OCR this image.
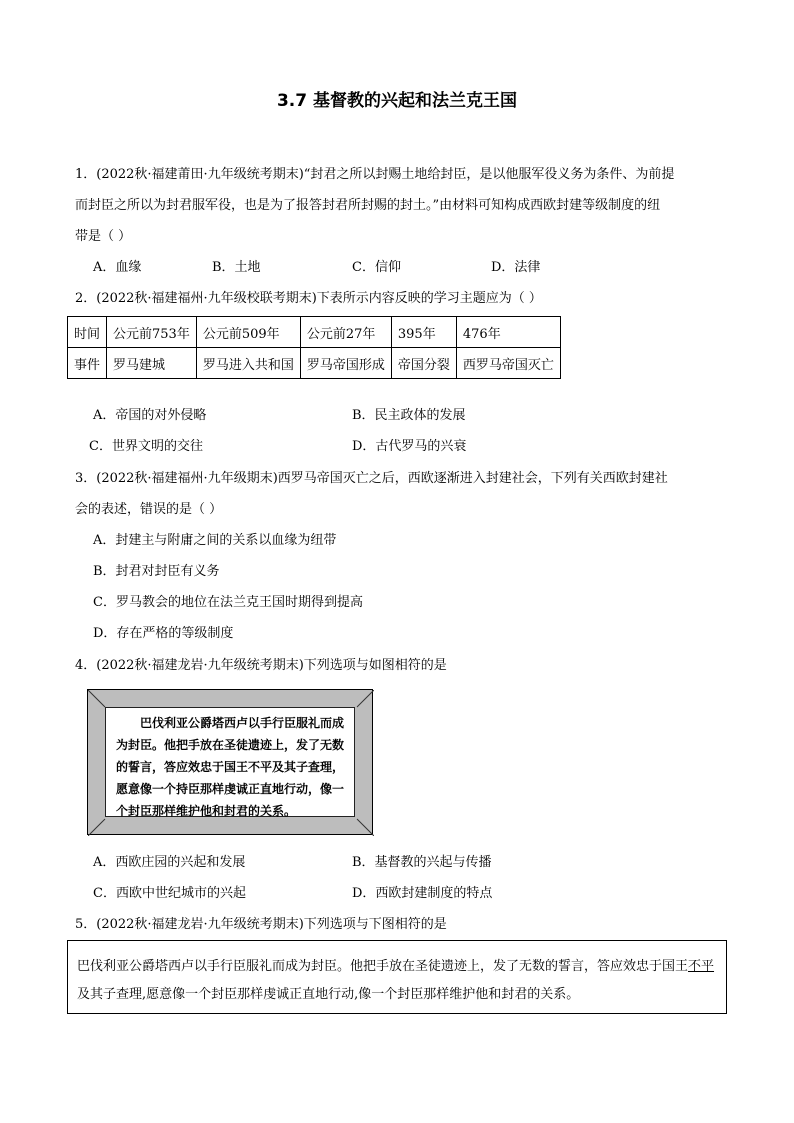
3.7 基督教的兴起和法兰克王国
1．(2022秋·福建莆田·九年级统考期末)“封君之所以封赐土地给封臣，是以他服军役义务为条件、为前提
而封臣之所以为封君服军役，也是为了报答封君所封赐的封土。”由材料可知构成西欧封建等级制度的纽
带是（ ）
A．血缘	B．土地	C．信仰	D．法律
2．(2022秋·福建福州·九年级校联考期末)下表所示内容反映的学习主题应为（ ）
时间	公元前753年	公元前509年	公元前27年	395年	476年
事件	罗马建城	罗马进入共和国	罗马帝国形成	帝国分裂	西罗马帝国灭亡
A．帝国的对外侵略	B．民主政体的发展
C．世界文明的交往	D．古代罗马的兴衰
3．(2022秋·福建福州·九年级期末)西罗马帝国灭亡之后，西欧逐渐进入封建社会，下列有关西欧封建社
会的表述，错误的是（ ）
A．封建主与附庸之间的关系以血缘为纽带
B．封君对封臣有义务
C．罗马教会的地位在法兰克王国时期得到提高
D．存在严格的等级制度
4．(2022秋·福建龙岩·九年级统考期末)下列选项与如图相符的是
巴伐利亚公爵塔西卢以手行臣服礼而成为封臣。他把手放在圣徒遗迹上，发了无数的誓言，答应效忠于国王不平及其子查理，愿意像一个持臣那样虔诚正直地行动，像一个封臣那样维护他和封君的关系。
A．西欧庄园的兴起和发展	B．基督教的兴起与传播
C．西欧中世纪城市的兴起	D．西欧封建制度的特点
5．(2022秋·福建龙岩·九年级统考期末)下列选项与下图相符的是
巴伐利亚公爵塔西卢以手行臣服礼而成为封臣。他把手放在圣徒遗迹上，发了无数的誓言，答应效忠于国王不平及其子查理,愿意像一个封臣那样虔诚正直地行动,像一个封臣那样维护他和封君的关系。
